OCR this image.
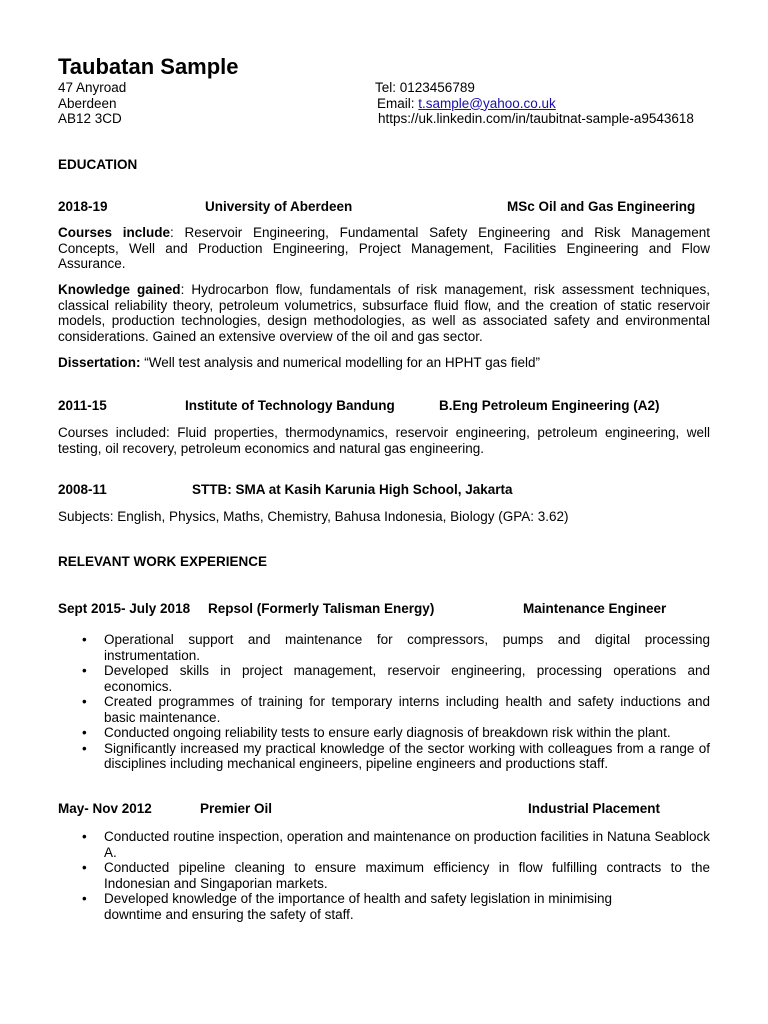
Taubatan Sample
47 Anyroad
Aberdeen
AB12 3CD
Tel: 0123456789
Email: t.sample@yahoo.co.uk
https://uk.linkedin.com/in/taubitnat-sample-a9543618
EDUCATION
2018-19	University of Aberdeen	MSc Oil and Gas Engineering

Courses include: Reservoir Engineering, Fundamental Safety Engineering and Risk Management Concepts, Well and Production Engineering, Project Management, Facilities Engineering and Flow Assurance.

Knowledge gained: Hydrocarbon flow, fundamentals of risk management, risk assessment techniques, classical reliability theory, petroleum volumetrics, subsurface fluid flow, and the creation of static reservoir models, production technologies, design methodologies, as well as associated safety and environmental considerations. Gained an extensive overview of the oil and gas sector.

Dissertation: “Well test analysis and numerical modelling for an HPHT gas field”

2011-15	Institute of Technology Bandung	B.Eng Petroleum Engineering (A2)

Courses included: Fluid properties, thermodynamics, reservoir engineering, petroleum engineering, well testing, oil recovery, petroleum economics and natural gas engineering.

2008-11	STTB: SMA at Kasih Karunia High School, Jakarta

Subjects: English, Physics, Maths, Chemistry, Bahusa Indonesia, Biology (GPA: 3.62)

RELEVANT WORK EXPERIENCE
Sept 2015- July 2018 Repsol (Formerly Talisman Energy)	Maintenance Engineer
• Operational support and maintenance for compressors, pumps and digital processing instrumentation.
• Developed skills in project management, reservoir engineering, processing operations and economics.
• Created programmes of training for temporary interns including health and safety inductions and basic maintenance.
• Conducted ongoing reliability tests to ensure early diagnosis of breakdown risk within the plant.
• Significantly increased my practical knowledge of the sector working with colleagues from a range of disciplines including mechanical engineers, pipeline engineers and productions staff.
May- Nov 2012	Premier Oil	Industrial Placement
• Conducted routine inspection, operation and maintenance on production facilities in Natuna Seablock A.
• Conducted pipeline cleaning to ensure maximum efficiency in flow fulfilling contracts to the Indonesian and Singaporian markets.
• Developed knowledge of the importance of health and safety legislation in minimising downtime and ensuring the safety of staff.
